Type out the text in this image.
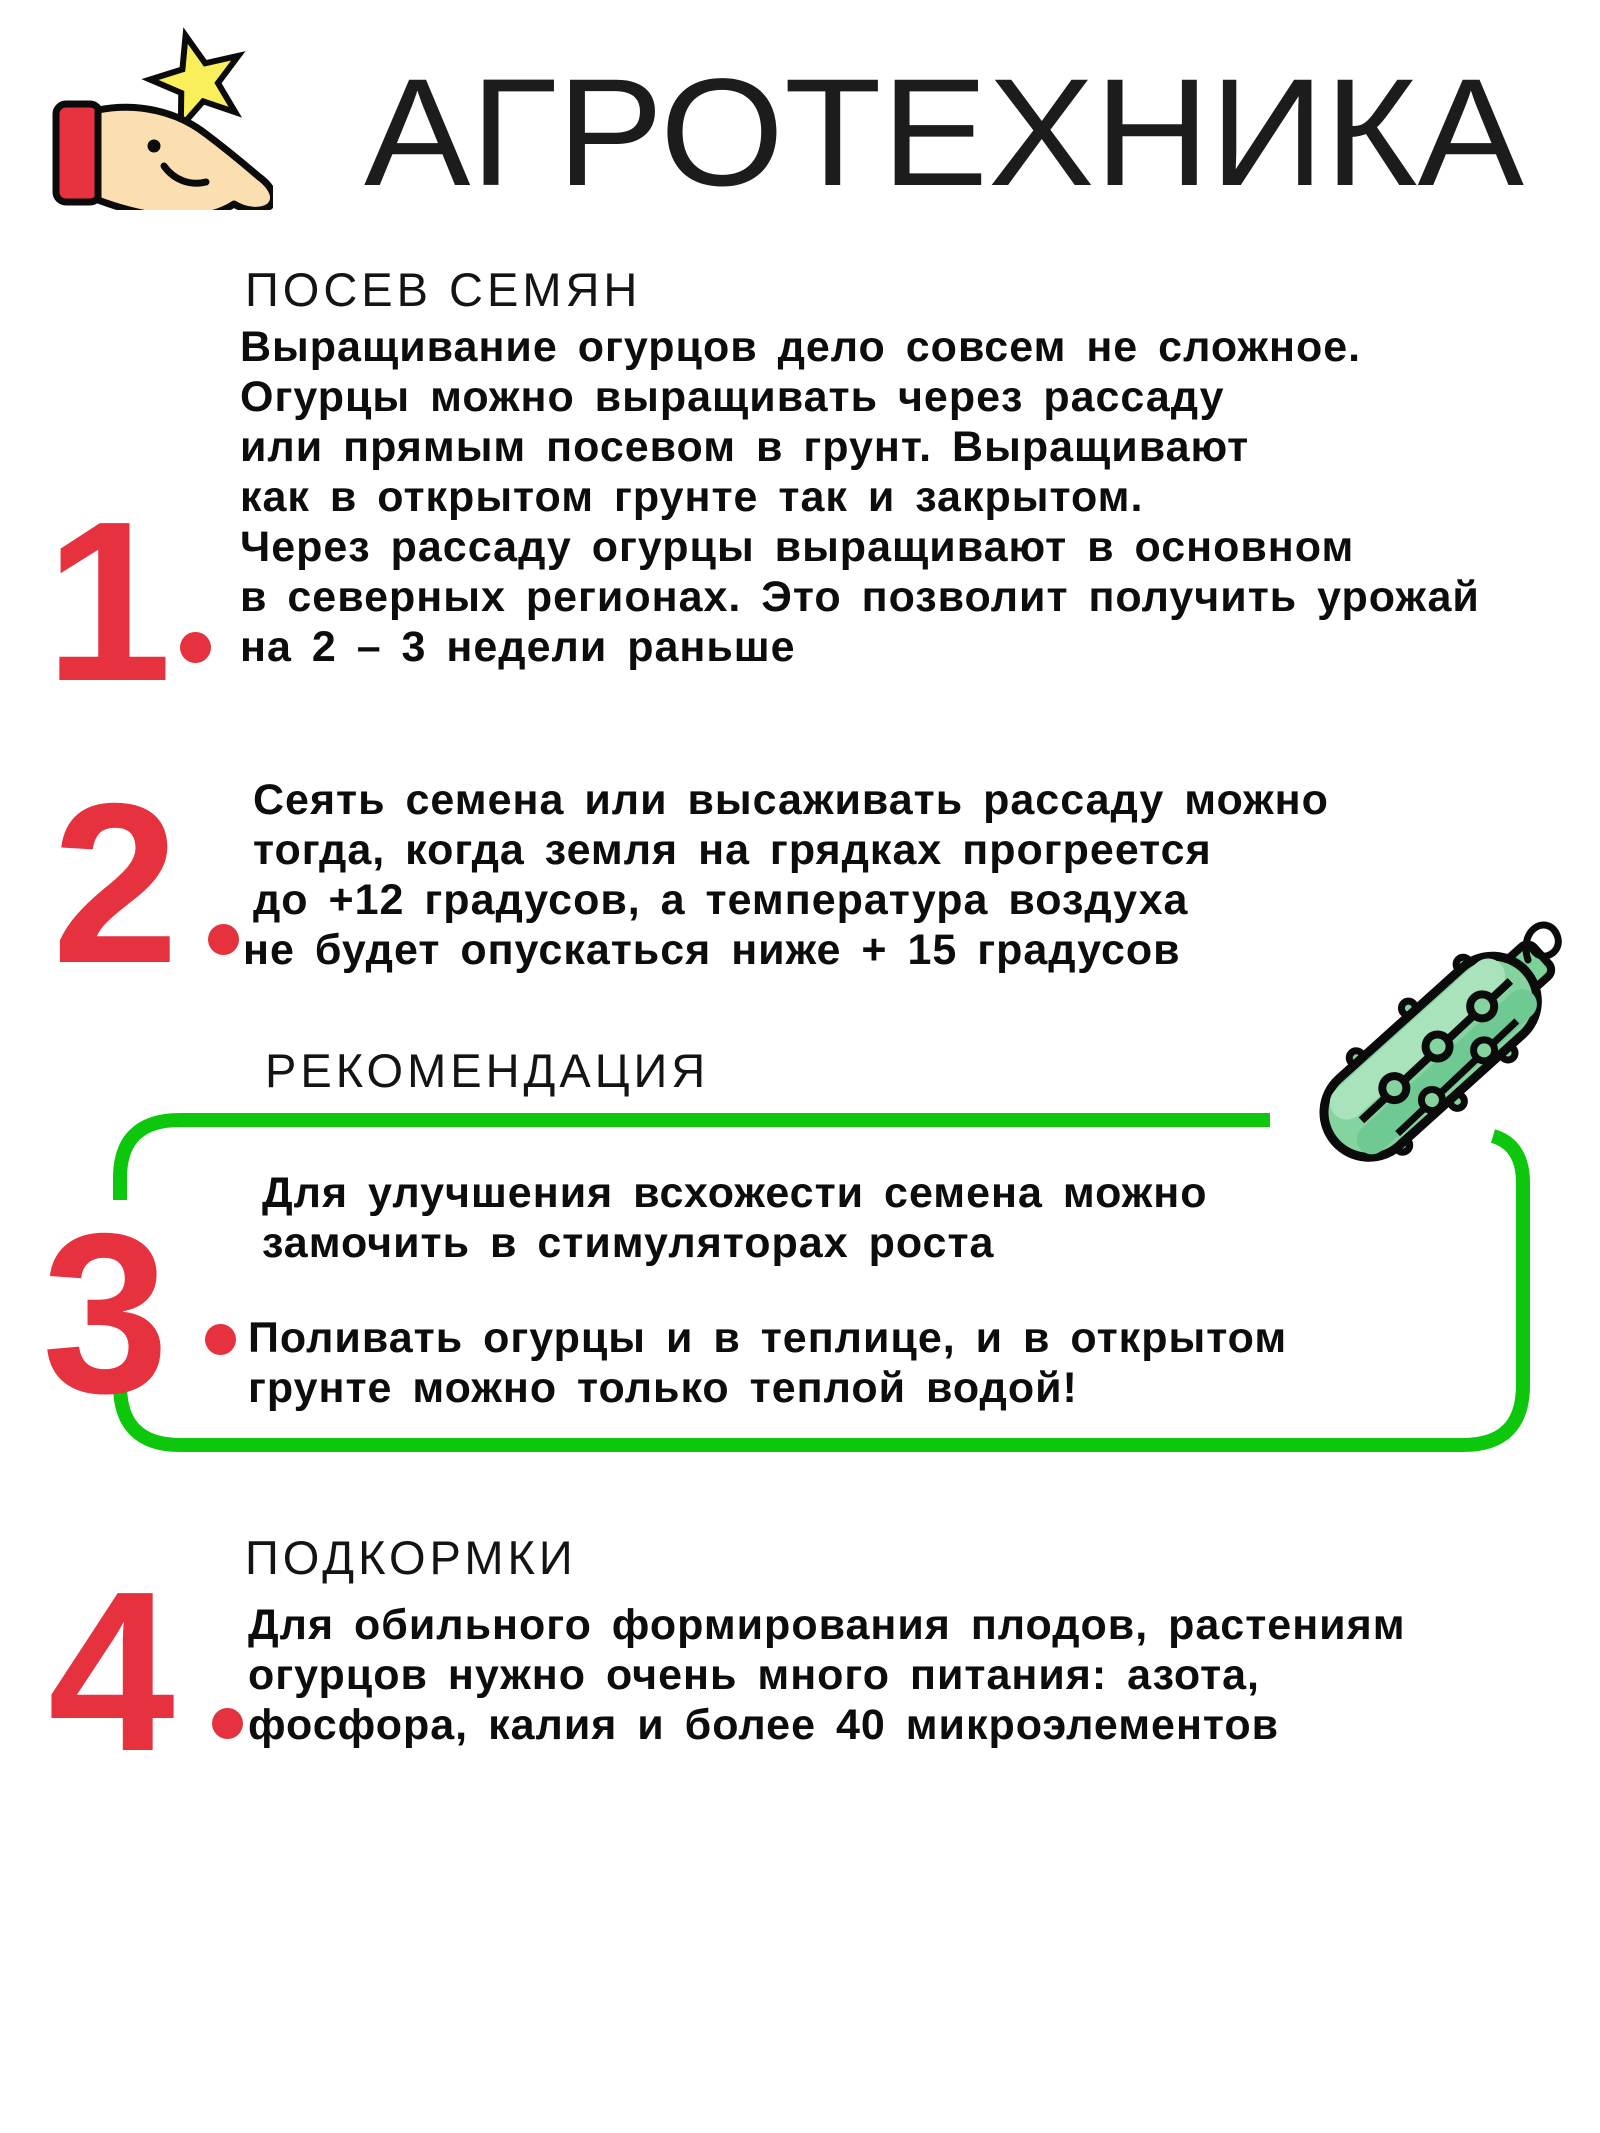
АГРОТЕХНИКА
ПОСЕВ СЕМЯН
Выращивание огурцов дело совсем не сложное.
Огурцы можно выращивать через рассаду
или прямым посевом в грунт. Выращивают
как в открытом грунте так и закрытом.
Через рассаду огурцы выращивают в основном
в северных регионах. Это позволит получить урожай
на 2 – 3 недели раньше
1
Сеять семена или высаживать рассаду можно
тогда, когда земля на грядках прогреется
до +12 градусов, а температура воздуха
не будет опускаться ниже + 15 градусов
2
РЕКОМЕНДАЦИЯ
Для улучшения всхожести семена можно
замочить в стимуляторах роста
Поливать огурцы и в теплице, и в открытом
грунте можно только теплой водой!
3
ПОДКОРМКИ
Для обильного формирования плодов, растениям
огурцов нужно очень много питания: азота,
фосфора, калия и более 40 микроэлементов
4
